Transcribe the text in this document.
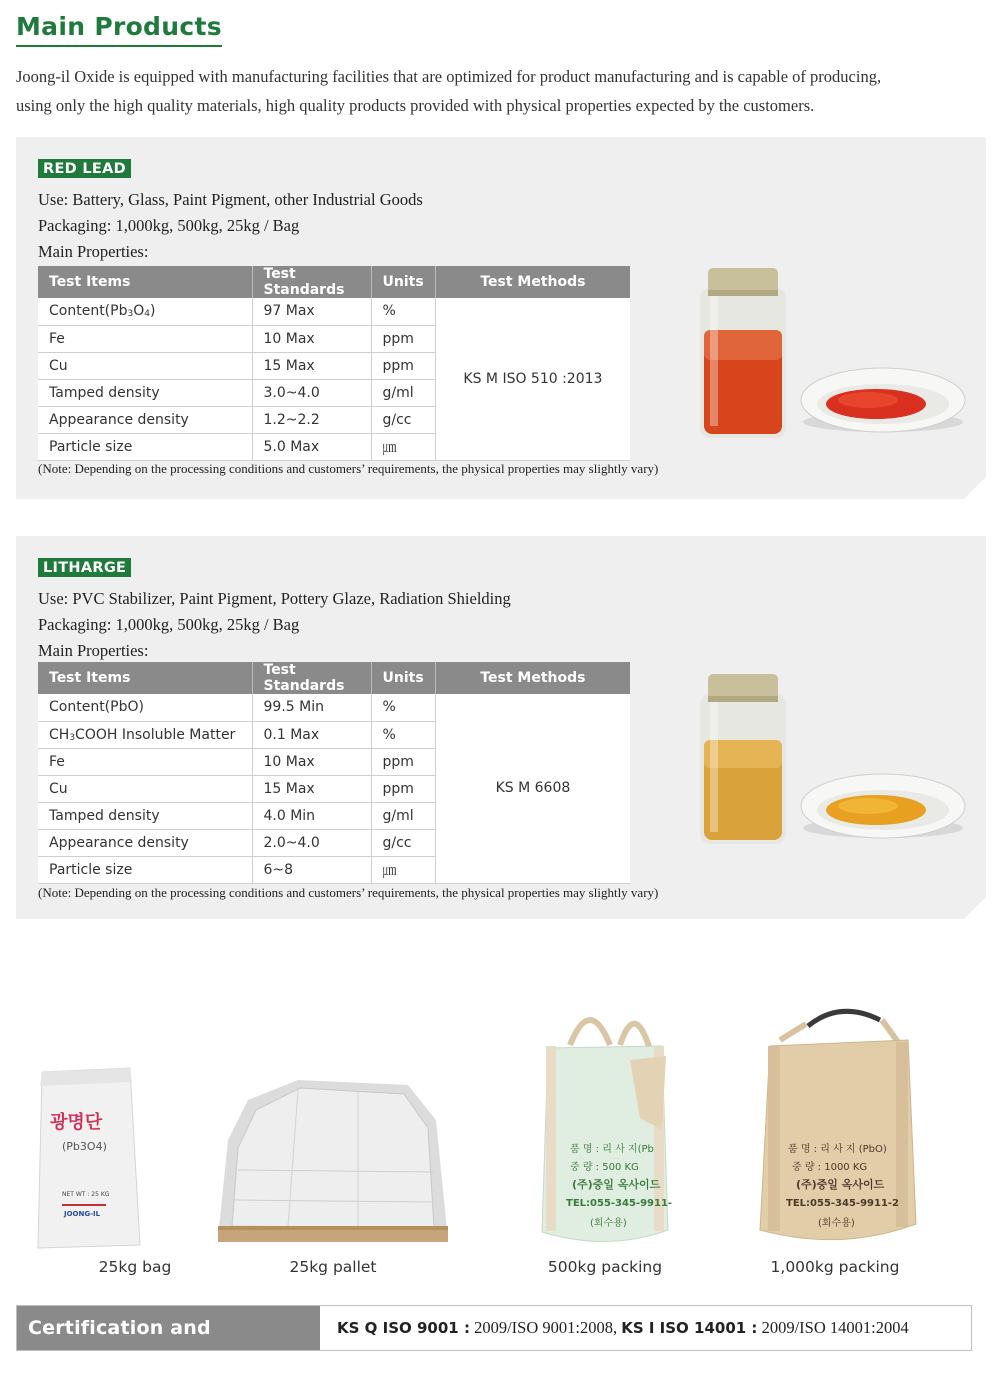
Main Products
Joong-il Oxide is equipped with manufacturing facilities that are optimized for product manufacturing and is capable of producing,
using only the high quality materials, high quality products provided with physical properties expected by the customers.
RED LEAD
Use: Battery, Glass, Paint Pigment, other Industrial Goods
Packaging: 1,000kg, 500kg, 25kg / Bag
Main Properties:
Test Items	Test Standards	Units	Test Methods
$Content(Pb_3O_4)$	97 Max	%	KS M ISO 510 :2013
Fe	10 Max	ppm	
Cu	15 Max	ppm	
Tamped density	3.0~4.0	g/ml	
Appearance density	1.2~2.2	g/cc	
Particle size	5.0 Max	㎛	
(Note: Depending on the processing conditions and customers’ requirements, the physical properties may slightly vary)
LITHARGE
Use: PVC Stabilizer, Paint Pigment, Pottery Glaze, Radiation Shielding
Packaging: 1,000kg, 500kg, 25kg / Bag
Main Properties:
Test Items	Test Standards	Units	Test Methods
Content(PbO)	99.5 Min	%	KS M 6608
$CH_3COOH$ Insoluble Matter	0.1 Max	%	
Fe	10 Max	ppm	
Cu	15 Max	ppm	
Tamped density	4.0 Min	g/ml	
Appearance density	2.0~4.0	g/cc	
Particle size	6~8	㎛	
(Note: Depending on the processing conditions and customers’ requirements, the physical properties may slightly vary)
광명단
(Pb3O4)
NET WT : 25 KG
JOONG-IL
25kg bag	25kg pallet
품 명 : 리 사 지(Pb
중 량 : 500 KG
(주)중일 옥사이드
TEL:055-345-9911-
(회수용)
500kg packing
품 명 : 리 사 지 (PbO)
중 량 : 1000 KG
(주)중일 옥사이드
TEL:055-345-9911-2
(회수용)
1,000kg packing
Certification and Qualification
KS Q ISO 9001 : 2009/ISO 9001:2008, KS I ISO 14001 : 2009/ISO 14001:2004
